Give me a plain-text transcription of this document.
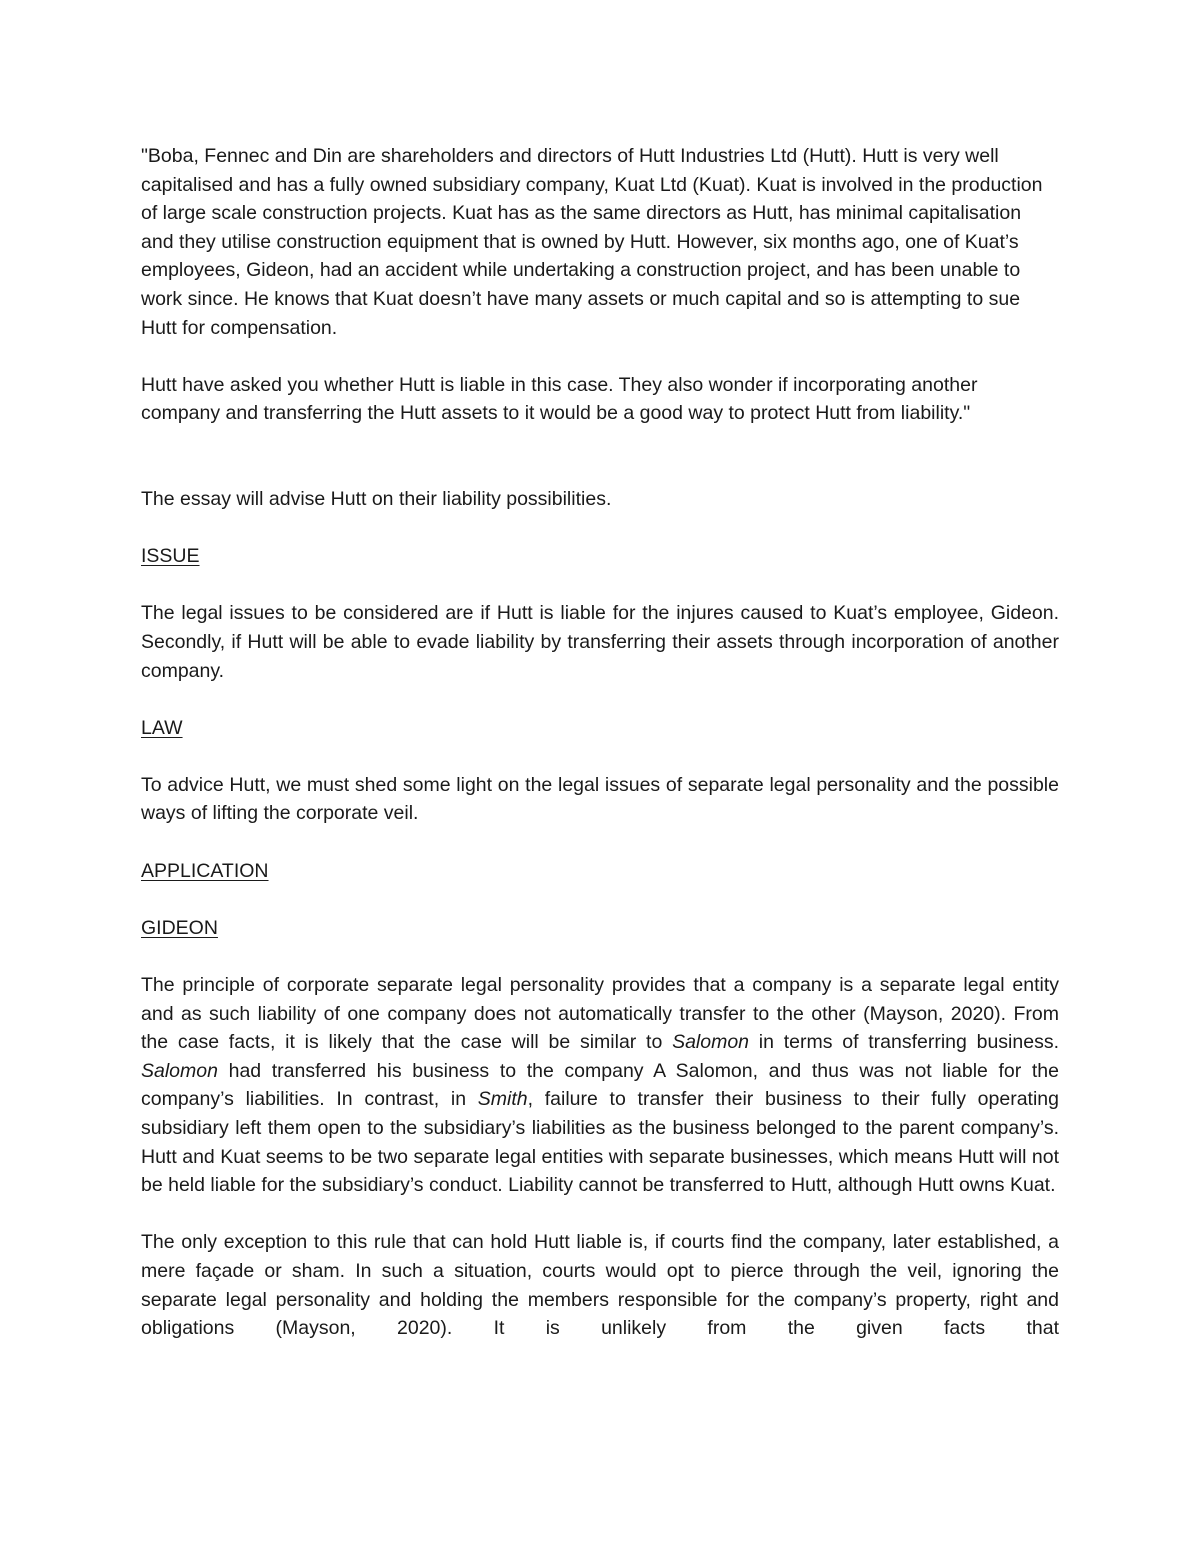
"Boba, Fennec and Din are shareholders and directors of Hutt Industries Ltd (Hutt). Hutt is very well capitalised and has a fully owned subsidiary company, Kuat Ltd (Kuat). Kuat is involved in the production of large scale construction projects. Kuat has as the same directors as Hutt, has minimal capitalisation and they utilise construction equipment that is owned by Hutt. However, six months ago, one of Kuat’s employees, Gideon, had an accident while undertaking a construction project, and has been unable to work since. He knows that Kuat doesn’t have many assets or much capital and so is attempting to sue Hutt for compensation.

Hutt have asked you whether Hutt is liable in this case. They also wonder if incorporating another company and transferring the Hutt assets to it would be a good way to protect Hutt from liability."

The essay will advise Hutt on their liability possibilities.

ISSUE

The legal issues to be considered are if Hutt is liable for the injures caused to Kuat’s employee, Gideon. Secondly, if Hutt will be able to evade liability by transferring their assets through incorporation of another company.

LAW

To advice Hutt, we must shed some light on the legal issues of separate legal personality and the possible ways of lifting the corporate veil.

APPLICATION

GIDEON

The principle of corporate separate legal personality provides that a company is a separate legal entity and as such liability of one company does not automatically transfer to the other (Mayson, 2020). From the case facts, it is likely that the case will be similar to Salomon in terms of transferring business. Salomon had transferred his business to the company A Salomon, and thus was not liable for the company’s liabilities. In contrast, in Smith, failure to transfer their business to their fully operating subsidiary left them open to the subsidiary’s liabilities as the business belonged to the parent company’s. Hutt and Kuat seems to be two separate legal entities with separate businesses, which means Hutt will not be held liable for the subsidiary’s conduct. Liability cannot be transferred to Hutt, although Hutt owns Kuat.

The only exception to this rule that can hold Hutt liable is, if courts find the company, later established, a mere façade or sham. In such a situation, courts would opt to pierce through the veil, ignoring the separate legal personality and holding the members responsible for the company’s property, right and obligations (Mayson, 2020). It is unlikely from the given facts that
